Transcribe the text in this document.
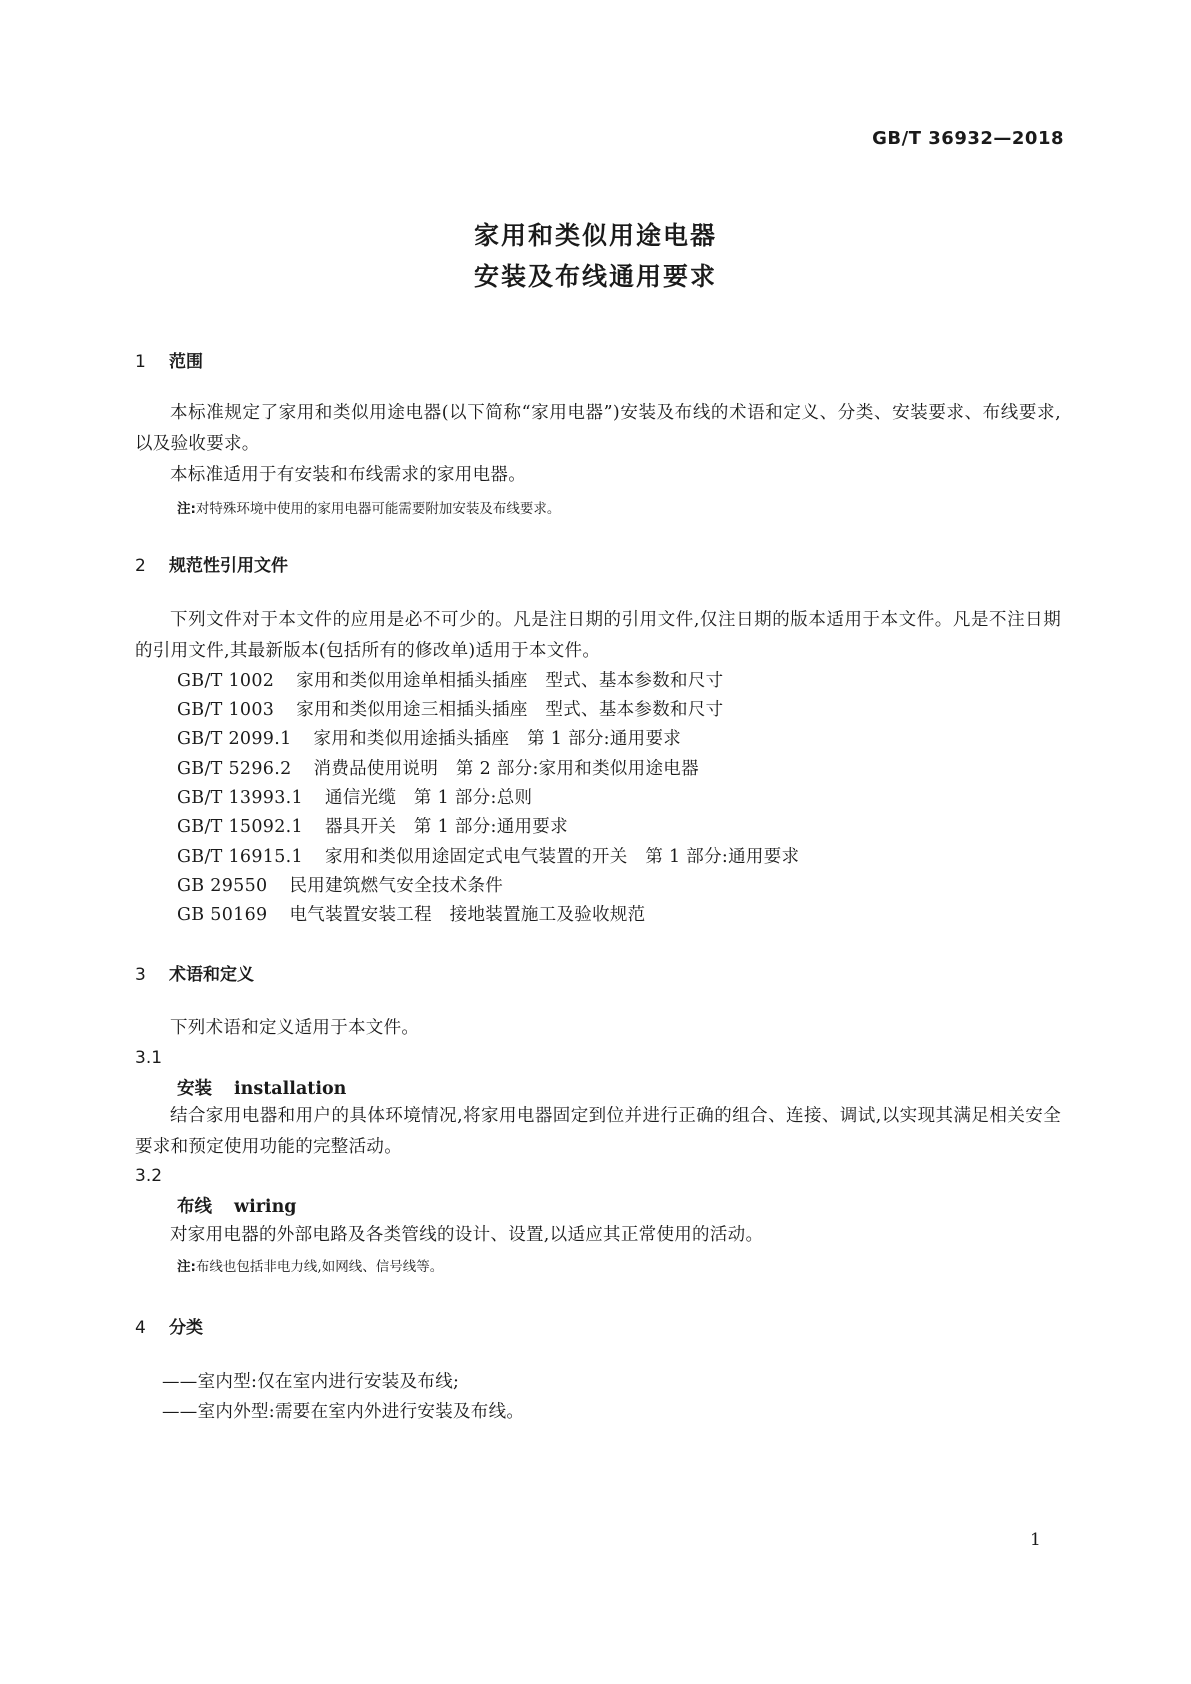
GB/T 36932—2018
家用和类似用途电器
安装及布线通用要求
1 范围
本标准规定了家用和类似用途电器(以下简称“家用电器”)安装及布线的术语和定义、分类、安装要求、布线要求,以及验收要求。
本标准适用于有安装和布线需求的家用电器。
注:对特殊环境中使用的家用电器可能需要附加安装及布线要求。
2 规范性引用文件
下列文件对于本文件的应用是必不可少的。凡是注日期的引用文件,仅注日期的版本适用于本文件。凡是不注日期的引用文件,其最新版本(包括所有的修改单)适用于本文件。
GB/T 1002 家用和类似用途单相插头插座　型式、基本参数和尺寸
GB/T 1003 家用和类似用途三相插头插座　型式、基本参数和尺寸
GB/T 2099.1 家用和类似用途插头插座　第 1 部分:通用要求
GB/T 5296.2 消费品使用说明　第 2 部分:家用和类似用途电器
GB/T 13993.1 通信光缆　第 1 部分:总则
GB/T 15092.1 器具开关　第 1 部分:通用要求
GB/T 16915.1 家用和类似用途固定式电气装置的开关　第 1 部分:通用要求
GB 29550 民用建筑燃气安全技术条件
GB 50169 电气装置安装工程　接地装置施工及验收规范
3 术语和定义
下列术语和定义适用于本文件。
3.1
安装 installation
结合家用电器和用户的具体环境情况,将家用电器固定到位并进行正确的组合、连接、调试,以实现其满足相关安全要求和预定使用功能的完整活动。
3.2
布线 wiring
对家用电器的外部电路及各类管线的设计、设置,以适应其正常使用的活动。
注:布线也包括非电力线,如网线、信号线等。
4 分类
——室内型:仅在室内进行安装及布线;
——室内外型:需要在室内外进行安装及布线。
1
